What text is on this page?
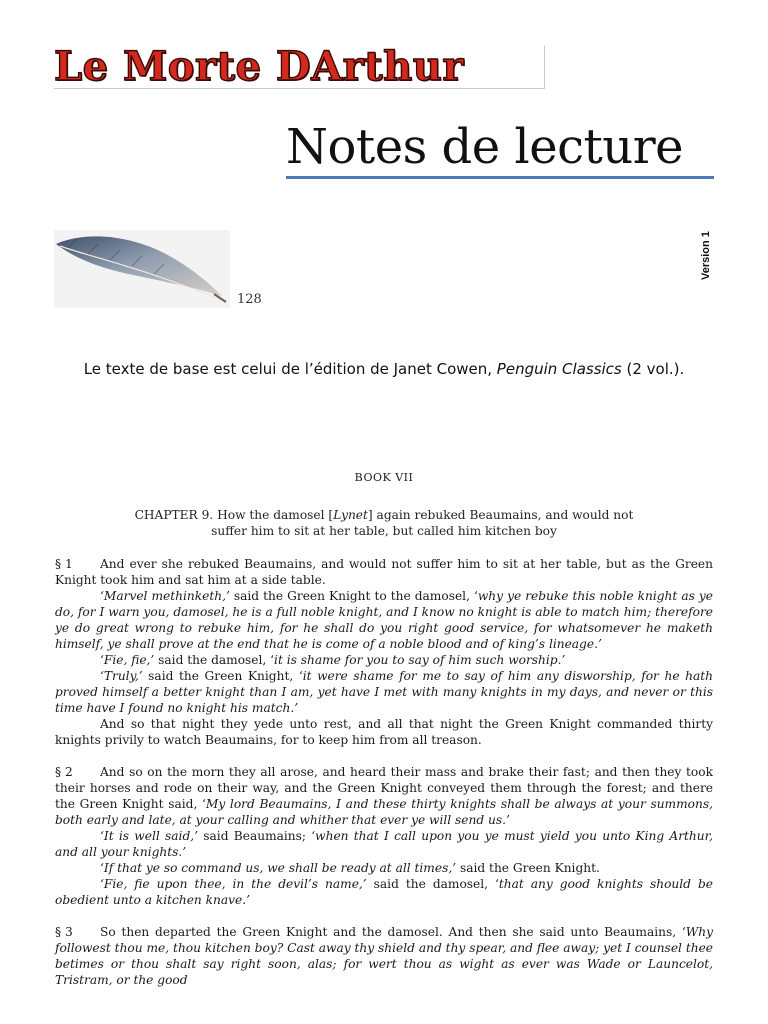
Le Morte DArthur
Notes de lecture
Version 1
128
Le texte de base est celui de l’édition de Janet Cowen, Penguin Classics (2 vol.).
BOOK VII
CHAPTER 9. How the damosel [Lynet] again rebuked Beaumains, and would not suffer him to sit at her table, but called him kitchen boy

§ 1 And ever she rebuked Beaumains, and would not suffer him to sit at her table, but as the Green Knight took him and sat him at a side table.

‘Marvel methinketh,’ said the Green Knight to the damosel, ‘why ye rebuke this noble knight as ye do, for I warn you, damosel, he is a full noble knight, and I know no knight is able to match him; therefore ye do great wrong to rebuke him, for he shall do you right good service, for whatsomever he maketh himself, ye shall prove at the end that he is come of a noble blood and of king’s lineage.’

‘Fie, fie,’ said the damosel, ‘it is shame for you to say of him such worship.’

‘Truly,’ said the Green Knight, ‘it were shame for me to say of him any disworship, for he hath proved himself a better knight than I am, yet have I met with many knights in my days, and never or this time have I found no knight his match.’

And so that night they yede unto rest, and all that night the Green Knight commanded thirty knights privily to watch Beaumains, for to keep him from all treason.

§ 2 And so on the morn they all arose, and heard their mass and brake their fast; and then they took their horses and rode on their way, and the Green Knight conveyed them through the forest; and there the Green Knight said, ‘My lord Beaumains, I and these thirty knights shall be always at your summons, both early and late, at your calling and whither that ever ye will send us.’

‘It is well said,’ said Beaumains; ‘when that I call upon you ye must yield you unto King Arthur, and all your knights.’

‘If that ye so command us, we shall be ready at all times,’ said the Green Knight.

‘Fie, fie upon thee, in the devil’s name,’ said the damosel, ‘that any good knights should be obedient unto a kitchen knave.’

§ 3 So then departed the Green Knight and the damosel. And then she said unto Beaumains, ‘Why followest thou me, thou kitchen boy? Cast away thy shield and thy spear, and flee away; yet I counsel thee betimes or thou shalt say right soon, alas; for wert thou as wight as ever was Wade or Launcelot, Tristram, or the good
